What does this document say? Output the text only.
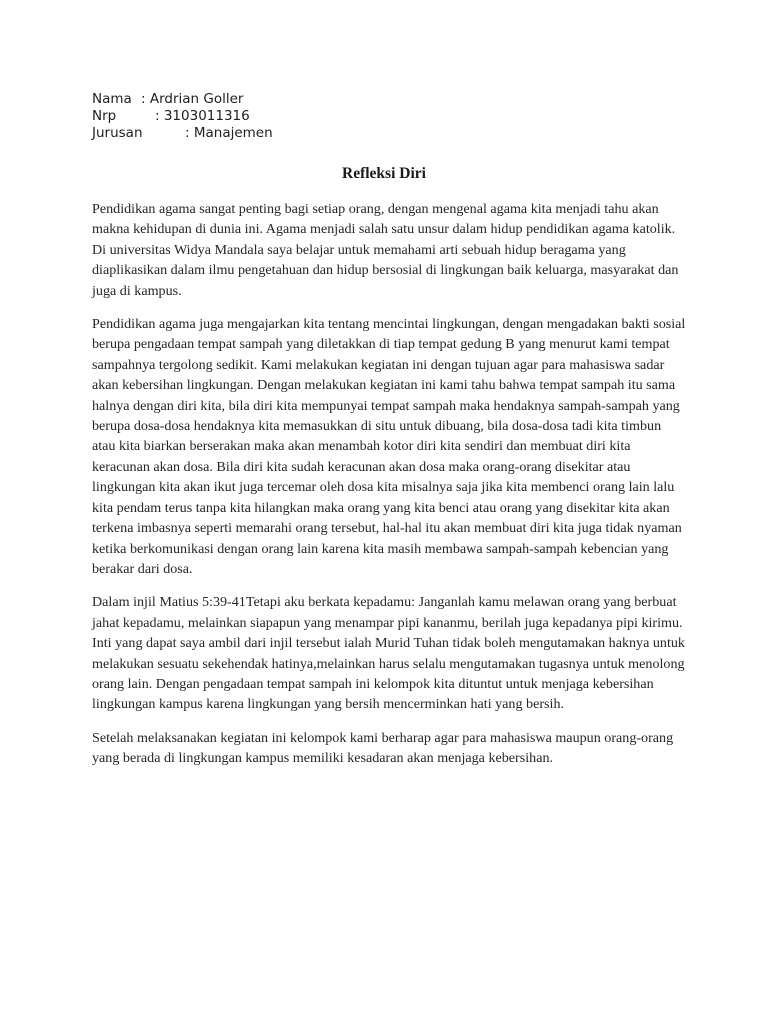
Nama : Ardrian Goller
Nrp	: 3103011316
Jurusan	: Manajemen
Refleksi Diri

Pendidikan agama sangat penting bagi setiap orang, dengan mengenal agama kita menjadi tahu akan makna kehidupan di dunia ini. Agama menjadi salah satu unsur dalam hidup pendidikan agama katolik. Di universitas Widya Mandala saya belajar untuk memahami arti sebuah hidup beragama yang diaplikasikan dalam ilmu pengetahuan dan hidup bersosial di lingkungan baik keluarga, masyarakat dan juga di kampus.

Pendidikan agama juga mengajarkan kita tentang mencintai lingkungan, dengan mengadakan bakti sosial berupa pengadaan tempat sampah yang diletakkan di tiap tempat gedung B yang menurut kami tempat sampahnya tergolong sedikit. Kami melakukan kegiatan ini dengan tujuan agar para mahasiswa sadar akan kebersihan lingkungan. Dengan melakukan kegiatan ini kami tahu bahwa tempat sampah itu sama halnya dengan diri kita, bila diri kita mempunyai tempat sampah maka hendaknya sampah-sampah yang berupa dosa-dosa hendaknya kita memasukkan di situ untuk dibuang, bila dosa-dosa tadi kita timbun atau kita biarkan berserakan maka akan menambah kotor diri kita sendiri dan membuat diri kita keracunan akan dosa. Bila diri kita sudah keracunan akan dosa maka orang-orang disekitar atau lingkungan kita akan ikut juga tercemar oleh dosa kita misalnya saja jika kita membenci orang lain lalu kita pendam terus tanpa kita hilangkan maka orang yang kita benci atau orang yang disekitar kita akan terkena imbasnya seperti memarahi orang tersebut, hal-hal itu akan membuat diri kita juga tidak nyaman ketika berkomunikasi dengan orang lain karena kita masih membawa sampah-sampah kebencian yang berakar dari dosa.

Dalam injil Matius 5:39-41Tetapi aku berkata kepadamu: Janganlah kamu melawan orang yang berbuat jahat kepadamu, melainkan siapapun yang menampar pipi kananmu, berilah juga kepadanya pipi kirimu. Inti yang dapat saya ambil dari injil tersebut ialah Murid Tuhan tidak boleh mengutamakan haknya untuk melakukan sesuatu sekehendak hatinya,melainkan harus selalu mengutamakan tugasnya untuk menolong orang lain. Dengan pengadaan tempat sampah ini kelompok kita dituntut untuk menjaga kebersihan lingkungan kampus karena lingkungan yang bersih mencerminkan hati yang bersih.

Setelah melaksanakan kegiatan ini kelompok kami berharap agar para mahasiswa maupun orang-orang yang berada di lingkungan kampus memiliki kesadaran akan menjaga kebersihan.
